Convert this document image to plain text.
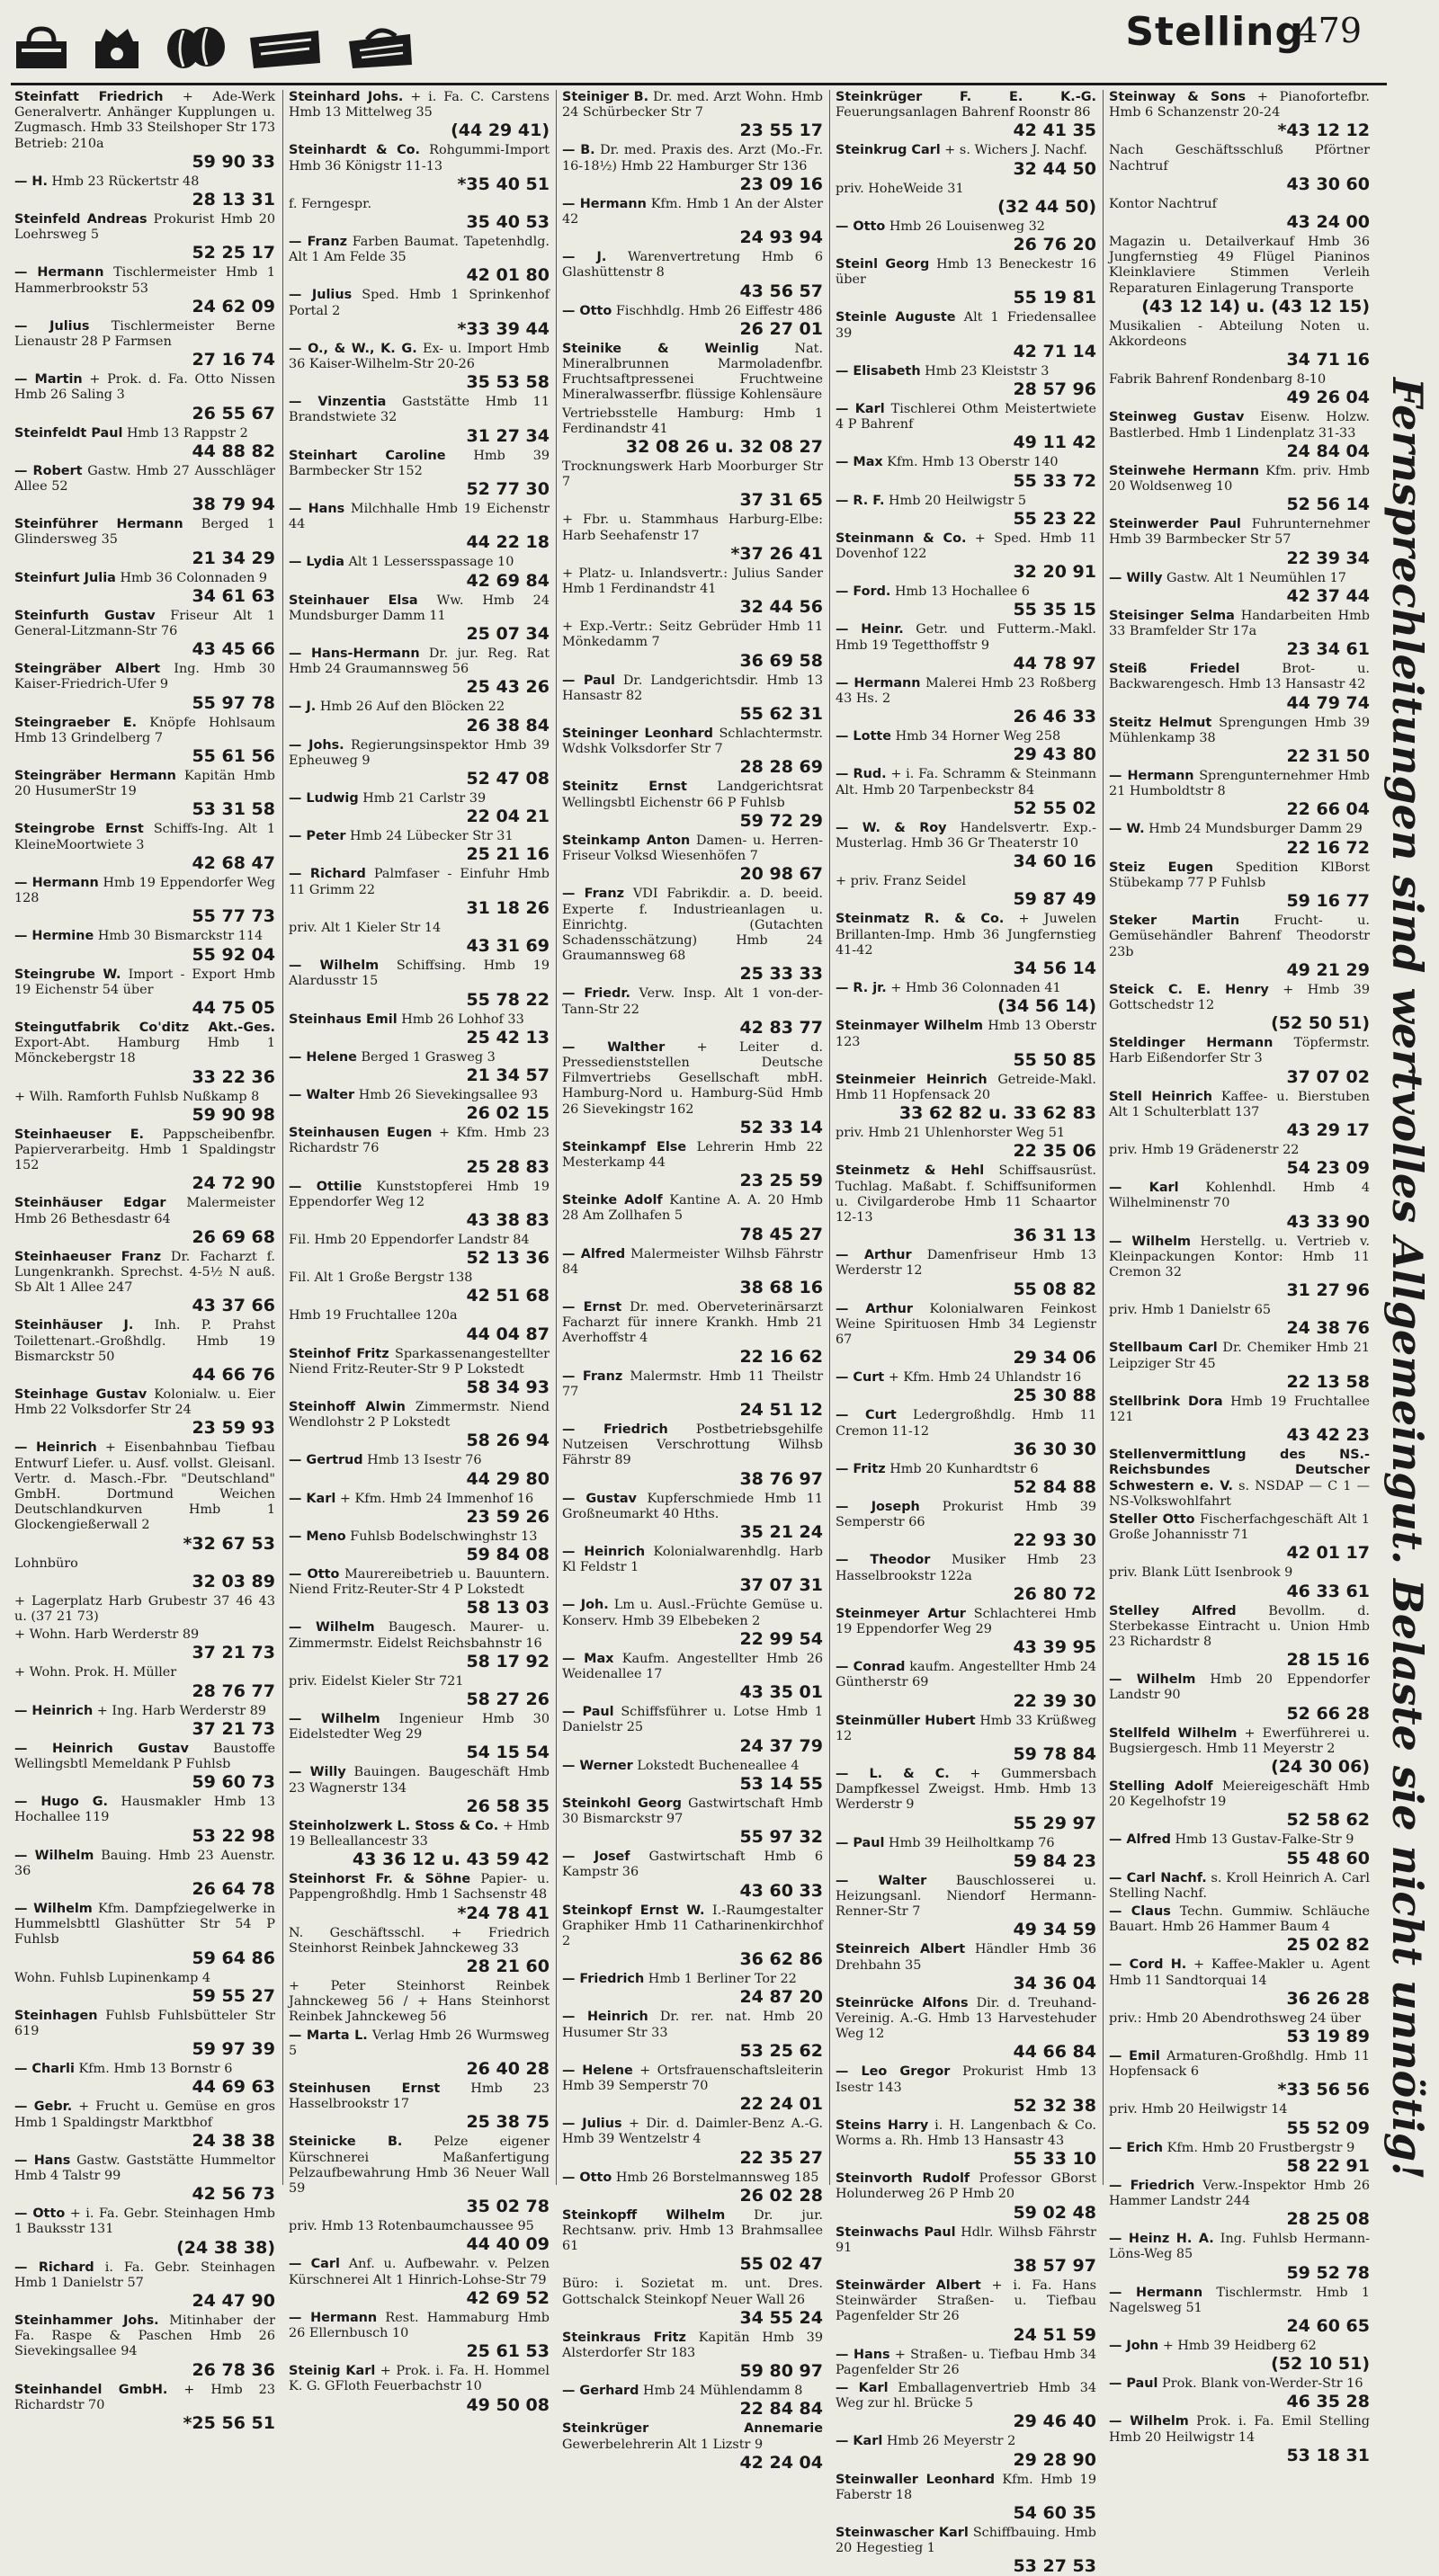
Stelling
479
Steinfatt Friedrich + Ade-Werk Generalvertr. Anhänger Kupplungen u. Zugmasch. Hmb 33 Steilshoper Str 173 Betrieb: 210a
59 90 33
— H. Hmb 23 Rückertstr 48
28 13 31
Steinfeld Andreas Prokurist Hmb 20 Loehrsweg 5
52 25 17
— Hermann Tischlermeister Hmb 1 Hammerbrookstr 53
24 62 09
— Julius Tischlermeister Berne Lienaustr 28 P Farmsen
27 16 74
— Martin + Prok. d. Fa. Otto Nissen Hmb 26 Saling 3
26 55 67
Steinfeldt Paul Hmb 13 Rappstr 2
44 88 82
— Robert Gastw. Hmb 27 Ausschläger Allee 52
38 79 94
Steinführer Hermann Berged 1 Glindersweg 35
21 34 29
Steinfurt Julia Hmb 36 Colonnaden 9
34 61 63
Steinfurth Gustav Friseur Alt 1 General-Litzmann-Str 76
43 45 66
Steingräber Albert Ing. Hmb 30 Kaiser-Friedrich-Ufer 9
55 97 78
Steingraeber E. Knöpfe Hohlsaum Hmb 13 Grindelberg 7
55 61 56
Steingräber Hermann Kapitän Hmb 20 HusumerStr 19
53 31 58
Steingrobe Ernst Schiffs-Ing. Alt 1 KleineMoortwiete 3
42 68 47
— Hermann Hmb 19 Eppendorfer Weg 128
55 77 73
— Hermine Hmb 30 Bismarckstr 114
55 92 04
Steingrube W. Import - Export Hmb 19 Eichenstr 54 über
44 75 05
Steingutfabrik Co'ditz Akt.-Ges. Export-Abt. Hamburg Hmb 1 Mönckebergstr 18
33 22 36
+ Wilh. Ramforth Fuhlsb Nußkamp 8
59 90 98
Steinhaeuser E. Pappscheibenfbr. Papierverarbeitg. Hmb 1 Spaldingstr 152
24 72 90
Steinhäuser Edgar Malermeister Hmb 26 Bethesdastr 64
26 69 68
Steinhaeuser Franz Dr. Facharzt f. Lungenkrankh. Sprechst. 4-5½ N auß. Sb Alt 1 Allee 247
43 37 66
Steinhäuser J. Inh. P. Prahst Toilettenart.-Großhdlg. Hmb 19 Bismarckstr 50
44 66 76
Steinhage Gustav Kolonialw. u. Eier Hmb 22 Volksdorfer Str 24
23 59 93
— Heinrich + Eisenbahnbau Tiefbau Entwurf Liefer. u. Ausf. vollst. Gleisanl. Vertr. d. Masch.-Fbr. "Deutschland" GmbH. Dortmund Weichen Deutschlandkurven Hmb 1 Glockengießerwall 2
*32 67 53
Lohnbüro
32 03 89
+ Lagerplatz Harb Grubestr 37 46 43 u. (37 21 73)
+ Wohn. Harb Werderstr 89
37 21 73
+ Wohn. Prok. H. Müller
28 76 77
— Heinrich + Ing. Harb Werderstr 89
37 21 73
— Heinrich Gustav Baustoffe Wellingsbtl Memeldank P Fuhlsb
59 60 73
— Hugo G. Hausmakler Hmb 13 Hochallee 119
53 22 98
— Wilhelm Bauing. Hmb 23 Auenstr. 36
26 64 78
— Wilhelm Kfm. Dampfziegelwerke in Hummelsbttl Glashütter Str 54 P Fuhlsb
59 64 86
Wohn. Fuhlsb Lupinenkamp 4
59 55 27
Steinhagen Fuhlsb Fuhlsbütteler Str 619
59 97 39
— Charli Kfm. Hmb 13 Bornstr 6
44 69 63
— Gebr. + Frucht u. Gemüse en gros Hmb 1 Spaldingstr Marktbhof
24 38 38
— Hans Gastw. Gaststätte Hummeltor Hmb 4 Talstr 99
42 56 73
— Otto + i. Fa. Gebr. Steinhagen Hmb 1 Bauksstr 131
(24 38 38)
— Richard i. Fa. Gebr. Steinhagen Hmb 1 Danielstr 57
24 47 90
Steinhammer Johs. Mitinhaber der Fa. Raspe & Paschen Hmb 26 Sievekingsallee 94
26 78 36
Steinhandel GmbH. + Hmb 23 Richardstr 70
*25 56 51
Steinhard Johs. + i. Fa. C. Carstens Hmb 13 Mittelweg 35
(44 29 41)
Steinhardt & Co. Rohgummi-Import Hmb 36 Königstr 11-13
*35 40 51
f. Ferngespr.
35 40 53
— Franz Farben Baumat. Tapetenhdlg. Alt 1 Am Felde 35
42 01 80
— Julius Sped. Hmb 1 Sprinkenhof Portal 2
*33 39 44
— O., & W., K. G. Ex- u. Import Hmb 36 Kaiser-Wilhelm-Str 20-26
35 53 58
— Vinzentia Gaststätte Hmb 11 Brandstwiete 32
31 27 34
Steinhart Caroline Hmb 39 Barmbecker Str 152
52 77 30
— Hans Milchhalle Hmb 19 Eichenstr 44
44 22 18
— Lydia Alt 1 Lessersspassage 10
42 69 84
Steinhauer Elsa Ww. Hmb 24 Mundsburger Damm 11
25 07 34
— Hans-Hermann Dr. jur. Reg. Rat Hmb 24 Graumannsweg 56
25 43 26
— J. Hmb 26 Auf den Blöcken 22
26 38 84
— Johs. Regierungsinspektor Hmb 39 Epheuweg 9
52 47 08
— Ludwig Hmb 21 Carlstr 39
22 04 21
— Peter Hmb 24 Lübecker Str 31
25 21 16
— Richard Palmfaser - Einfuhr Hmb 11 Grimm 22
31 18 26
priv. Alt 1 Kieler Str 14
43 31 69
— Wilhelm Schiffsing. Hmb 19 Alardusstr 15
55 78 22
Steinhaus Emil Hmb 26 Lohhof 33
25 42 13
— Helene Berged 1 Grasweg 3
21 34 57
— Walter Hmb 26 Sievekingsallee 93
26 02 15
Steinhausen Eugen + Kfm. Hmb 23 Richardstr 76
25 28 83
— Ottilie Kunststopferei Hmb 19 Eppendorfer Weg 12
43 38 83
Fil. Hmb 20 Eppendorfer Landstr 84
52 13 36
Fil. Alt 1 Große Bergstr 138
42 51 68
Hmb 19 Fruchtallee 120a
44 04 87
Steinhof Fritz Sparkassenangestellter Niend Fritz-Reuter-Str 9 P Lokstedt
58 34 93
Steinhoff Alwin Zimmermstr. Niend Wendlohstr 2 P Lokstedt
58 26 94
— Gertrud Hmb 13 Isestr 76
44 29 80
— Karl + Kfm. Hmb 24 Immenhof 16
23 59 26
— Meno Fuhlsb Bodelschwinghstr 13
59 84 08
— Otto Maurereibetrieb u. Bauuntern. Niend Fritz-Reuter-Str 4 P Lokstedt
58 13 03
— Wilhelm Baugesch. Maurer- u. Zimmermstr. Eidelst Reichsbahnstr 16
58 17 92
priv. Eidelst Kieler Str 721
58 27 26
— Wilhelm Ingenieur Hmb 30 Eidelstedter Weg 29
54 15 54
— Willy Bauingen. Baugeschäft Hmb 23 Wagnerstr 134
26 58 35
Steinholzwerk L. Stoss & Co. + Hmb 19 Belleallancestr 33
43 36 12 u. 43 59 42
Steinhorst Fr. & Söhne Papier- u. Pappengroßhdlg. Hmb 1 Sachsenstr 48
*24 78 41
N. Geschäftsschl. + Friedrich Steinhorst Reinbek Jahnckeweg 33
28 21 60
+ Peter Steinhorst Reinbek Jahnckeweg 56 / + Hans Steinhorst Reinbek Jahnckeweg 56
— Marta L. Verlag Hmb 26 Wurmsweg 5
26 40 28
Steinhusen Ernst Hmb 23 Hasselbrookstr 17
25 38 75
Steinicke B. Pelze eigener Kürschnerei Maßanfertigung Pelzaufbewahrung Hmb 36 Neuer Wall 59
35 02 78
priv. Hmb 13 Rotenbaumchaussee 95
44 40 09
— Carl Anf. u. Aufbewahr. v. Pelzen Kürschnerei Alt 1 Hinrich-Lohse-Str 79
42 69 52
— Hermann Rest. Hammaburg Hmb 26 Ellernbusch 10
25 61 53
Steinig Karl + Prok. i. Fa. H. Hommel K. G. GFloth Feuerbachstr 10
49 50 08
Steiniger B. Dr. med. Arzt Wohn. Hmb 24 Schürbecker Str 7
23 55 17
— B. Dr. med. Praxis des. Arzt (Mo.-Fr. 16-18½) Hmb 22 Hamburger Str 136
23 09 16
— Hermann Kfm. Hmb 1 An der Alster 42
24 93 94
— J. Warenvertretung Hmb 6 Glashüttenstr 8
43 56 57
— Otto Fischhdlg. Hmb 26 Eiffestr 486
26 27 01
Steinike & Weinlig	Nat. Mineralbrunnen Marmoladenfbr. Fruchtsaftpressenei Fruchtweine Mineralwasserfbr. flüssige Kohlensäure
Vertriebsstelle Hamburg: Hmb 1 Ferdinandstr 41
32 08 26 u. 32 08 27
Trocknungswerk Harb Moorburger Str 7
37 31 65
+ Fbr. u. Stammhaus Harburg-Elbe: Harb Seehafenstr 17
*37 26 41
+ Platz- u. Inlandsvertr.: Julius Sander Hmb 1 Ferdinandstr 41
32 44 56
+ Exp.-Vertr.: Seitz Gebrüder Hmb 11 Mönkedamm 7
36 69 58
— Paul Dr. Landgerichtsdir. Hmb 13 Hansastr 82
55 62 31
Steininger Leonhard Schlachtermstr. Wdshk Volksdorfer Str 7
28 28 69
Steinitz Ernst Landgerichtsrat Wellingsbtl Eichenstr 66 P Fuhlsb
59 72 29
Steinkamp Anton Damen- u. Herren-Friseur Volksd Wiesenhöfen 7
20 98 67
— Franz VDI Fabrikdir. a. D. beeid. Experte f. Industrieanlagen u. Einrichtg. (Gutachten Schadensschätzung) Hmb 24 Graumannsweg 68
25 33 33
— Friedr. Verw. Insp. Alt 1 von-der-Tann-Str 22
42 83 77
— Walther + Leiter d. Pressedienststellen Deutsche Filmvertriebs Gesellschaft mbH. Hamburg-Nord u. Hamburg-Süd Hmb 26 Sievekingstr 162
52 33 14
Steinkampf Else Lehrerin Hmb 22 Mesterkamp 44
23 25 59
Steinke Adolf Kantine A. A. 20 Hmb 28 Am Zollhafen 5
78 45 27
— Alfred Malermeister Wilhsb Fährstr 84
38 68 16
— Ernst Dr. med. Oberveterinärsarzt Facharzt für innere Krankh. Hmb 21 Averhoffstr 4
22 16 62
— Franz Malermstr. Hmb 11 Theilstr 77
24 51 12
— Friedrich Postbetriebsgehilfe Nutzeisen Verschrottung Wilhsb Fährstr 89
38 76 97
— Gustav Kupferschmiede Hmb 11 Großneumarkt 40 Hths.
35 21 24
— Heinrich Kolonialwarenhdlg. Harb Kl Feldstr 1
37 07 31
— Joh. Lm u. Ausl.-Früchte Gemüse u. Konserv. Hmb 39 Elbebeken 2
22 99 54
— Max Kaufm. Angestellter Hmb 26 Weidenallee 17
43 35 01
— Paul Schiffsführer u. Lotse Hmb 1 Danielstr 25
24 37 79
— Werner Lokstedt Bucheneallee 4
53 14 55
Steinkohl Georg Gastwirtschaft Hmb 30 Bismarckstr 97
55 97 32
— Josef Gastwirtschaft Hmb 6 Kampstr 36
43 60 33
Steinkopf Ernst W. I.-Raumgestalter Graphiker Hmb 11 Catharinenkirchhof 2
36 62 86
— Friedrich Hmb 1 Berliner Tor 22
24 87 20
— Heinrich Dr. rer. nat. Hmb 20 Husumer Str 33
53 25 62
— Helene + Ortsfrauenschaftsleiterin Hmb 39 Semperstr 70
22 24 01
— Julius + Dir. d. Daimler-Benz A.-G. Hmb 39 Wentzelstr 4
22 35 27
— Otto Hmb 26 Borstelmannsweg 185
26 02 28
Steinkopff Wilhelm Dr. jur. Rechtsanw. priv. Hmb 13 Brahmsallee 61
55 02 47
Büro: i. Sozietat m. unt. Dres. Gottschalck Steinkopf Neuer Wall 26
34 55 24
Steinkraus Fritz Kapitän Hmb 39 Alsterdorfer Str 183
59 80 97
— Gerhard Hmb 24 Mühlendamm 8
22 84 84
Steinkrüger Annemarie Gewerbelehrerin Alt 1 Lizstr 9
42 24 04
Steinkrüger F. E. K.-G. Feuerungsanlagen Bahrenf Roonstr 86
42 41 35
Steinkrug Carl + s. Wichers J. Nachf.
32 44 50
priv. HoheWeide 31
(32 44 50)
— Otto Hmb 26 Louisenweg 32
26 76 20
Steinl Georg Hmb 13 Beneckestr 16 über
55 19 81
Steinle Auguste Alt 1 Friedensallee 39
42 71 14
— Elisabeth Hmb 23 Kleiststr 3
28 57 96
— Karl Tischlerei Othm Meistertwiete 4 P Bahrenf
49 11 42
— Max Kfm. Hmb 13 Oberstr 140
55 33 72
— R. F. Hmb 20 Heilwigstr 5
55 23 22
Steinmann & Co. + Sped. Hmb 11 Dovenhof 122
32 20 91
— Ford. Hmb 13 Hochallee 6
55 35 15
— Heinr. Getr. und Futterm.-Makl. Hmb 19 Tegetthoffstr 9
44 78 97
— Hermann Malerei Hmb 23 Roßberg 43 Hs. 2
26 46 33
— Lotte Hmb 34 Horner Weg 258
29 43 80
— Rud. + i. Fa. Schramm & Steinmann Alt. Hmb 20 Tarpenbeckstr 84
52 55 02
— W. & Roy Handelsvertr. Exp.-Musterlag. Hmb 36 Gr Theaterstr 10
34 60 16
+ priv. Franz Seidel
59 87 49
Steinmatz R. & Co. + Juwelen Brillanten-Imp. Hmb 36 Jungfernstieg 41-42
34 56 14
— R. jr. + Hmb 36 Colonnaden 41
(34 56 14)
Steinmayer Wilhelm Hmb 13 Oberstr 123
55 50 85
Steinmeier Heinrich Getreide-Makl. Hmb 11 Hopfensack 20
33 62 82 u. 33 62 83
priv. Hmb 21 Uhlenhorster Weg 51
22 35 06
Steinmetz & Hehl Schiffsausrüst. Tuchlag. Maßabt. f. Schiffsuniformen u. Civilgarderobe Hmb 11 Schaartor 12-13
36 31 13
— Arthur Damenfriseur Hmb 13 Werderstr 12
55 08 82
— Arthur Kolonialwaren Feinkost Weine Spirituosen Hmb 34 Legienstr 67
29 34 06
— Curt + Kfm. Hmb 24 Uhlandstr 16
25 30 88
— Curt Ledergroßhdlg. Hmb 11 Cremon 11-12
36 30 30
— Fritz Hmb 20 Kunhardtstr 6
52 84 88
— Joseph Prokurist Hmb 39 Semperstr 66
22 93 30
— Theodor Musiker Hmb 23 Hasselbrookstr 122a
26 80 72
Steinmeyer Artur Schlachterei Hmb 19 Eppendorfer Weg 29
43 39 95
— Conrad kaufm. Angestellter Hmb 24 Güntherstr 69
22 39 30
Steinmüller Hubert Hmb 33 Krüßweg 12
59 78 84
— L. & C. + Gummersbach Dampfkessel Zweigst. Hmb. Hmb 13 Werderstr 9
55 29 97
— Paul Hmb 39 Heilholtkamp 76
59 84 23
— Walter Bauschlosserei u. Heizungsanl. Niendorf Hermann-Renner-Str 7
49 34 59
Steinreich Albert Händler Hmb 36 Drehbahn 35
34 36 04
Steinrücke Alfons Dir. d. Treuhand-Vereinig. A.-G. Hmb 13 Harvestehuder Weg 12
44 66 84
— Leo Gregor Prokurist Hmb 13 Isestr 143
52 32 38
Steins Harry i. H. Langenbach & Co. Worms a. Rh. Hmb 13 Hansastr 43
55 33 10
Steinvorth Rudolf Professor GBorst Holunderweg 26 P Hmb 20
59 02 48
Steinwachs Paul Hdlr. Wilhsb Fährstr 91
38 57 97
Steinwärder Albert + i. Fa. Hans Steinwärder Straßen- u. Tiefbau Pagenfelder Str 26
24 51 59
— Hans + Straßen- u. Tiefbau Hmb 34 Pagenfelder Str 26
— Karl Emballagenvertrieb Hmb 34 Weg zur hl. Brücke 5
29 46 40
— Karl Hmb 26 Meyerstr 2
29 28 90
Steinwaller Leonhard Kfm. Hmb 19 Faberstr 18
54 60 35
Steinwascher Karl Schiffbauing. Hmb 20 Hegestieg 1
53 27 53
Steinway & Sons + Pianofortefbr. Hmb 6 Schanzenstr 20-24
*43 12 12
Nach Geschäftsschluß Pförtner Nachtruf
43 30 60
Kontor Nachtruf
43 24 00
Magazin u. Detailverkauf Hmb 36 Jungfernstieg 49 Flügel Pianinos Kleinklaviere Stimmen Verleih Reparaturen Einlagerung Transporte
(43 12 14) u. (43 12 15)
Musikalien - Abteilung Noten u. Akkordeons
34 71 16
Fabrik Bahrenf Rondenbarg 8-10
49 26 04
Steinweg Gustav Eisenw. Holzw. Bastlerbed. Hmb 1 Lindenplatz 31-33
24 84 04
Steinwehe Hermann Kfm. priv. Hmb 20 Woldsenweg 10
52 56 14
Steinwerder Paul Fuhrunternehmer Hmb 39 Barmbecker Str 57
22 39 34
— Willy Gastw. Alt 1 Neumühlen 17
42 37 44
Steisinger Selma Handarbeiten Hmb 33 Bramfelder Str 17a
23 34 61
Steiß Friedel	Brot- u. Backwarengesch. Hmb 13 Hansastr 42
44 79 74
Steitz Helmut Sprengungen Hmb 39 Mühlenkamp 38
22 31 50
— Hermann Sprengunternehmer Hmb 21 Humboldtstr 8
22 66 04
— W. Hmb 24 Mundsburger Damm 29
22 16 72
Steiz Eugen Spedition KlBorst Stübekamp 77 P Fuhlsb
59 16 77
Steker Martin	Frucht- u. Gemüsehändler Bahrenf Theodorstr 23b
49 21 29
Steick C. E. Henry + Hmb 39 Gottschedstr 12
(52 50 51)
Steldinger Hermann Töpfermstr. Harb Eißendorfer Str 3
37 07 02
Stell Heinrich Kaffee- u. Bierstuben Alt 1 Schulterblatt 137
43 29 17
priv. Hmb 19 Grädenerstr 22
54 23 09
— Karl Kohlenhdl. Hmb 4 Wilhelminenstr 70
43 33 90
— Wilhelm Herstellg. u. Vertrieb v. Kleinpackungen Kontor: Hmb 11 Cremon 32
31 27 96
priv. Hmb 1 Danielstr 65
24 38 76
Stellbaum Carl Dr. Chemiker Hmb 21 Leipziger Str 45
22 13 58
Stellbrink Dora Hmb 19 Fruchtallee 121
43 42 23
Stellenvermittlung des NS.-Reichsbundes Deutscher Schwestern e. V. s. NSDAP — C 1 — NS-Volkswohlfahrt
Steller Otto Fischerfachgeschäft Alt 1 Große Johannisstr 71
42 01 17
priv. Blank Lütt Isenbrook 9
46 33 61
Stelley Alfred Bevollm. d. Sterbekasse Eintracht u. Union Hmb 23 Richardstr 8
28 15 16
— Wilhelm Hmb 20 Eppendorfer Landstr 90
52 66 28
Stellfeld Wilhelm + Ewerführerei u. Bugsiergesch. Hmb 11 Meyerstr 2
(24 30 06)
Stelling Adolf Meiereigeschäft Hmb 20 Kegelhofstr 19
52 58 62
— Alfred Hmb 13 Gustav-Falke-Str 9
55 48 60
— Carl Nachf. s. Kroll Heinrich A. Carl Stelling Nachf.
— Claus Techn. Gummiw. Schläuche Bauart. Hmb 26 Hammer Baum 4
25 02 82
— Cord H. + Kaffee-Makler u. Agent Hmb 11 Sandtorquai 14
36 26 28
priv.: Hmb 20 Abendrothsweg 24 über
53 19 89
— Emil Armaturen-Großhdlg. Hmb 11 Hopfensack 6
*33 56 56
priv. Hmb 20 Heilwigstr 14
55 52 09
— Erich Kfm. Hmb 20 Frustbergstr 9
58 22 91
— Friedrich Verw.-Inspektor Hmb 26 Hammer Landstr 244
28 25 08
— Heinz H. A. Ing. Fuhlsb Hermann-Löns-Weg 85
59 52 78
— Hermann Tischlermstr. Hmb 1 Nagelsweg 51
24 60 65
— John + Hmb 39 Heidberg 62
(52 10 51)
— Paul Prok. Blank von-Werder-Str 16
46 35 28
— Wilhelm Prok. i. Fa. Emil Stelling Hmb 20 Heilwigstr 14
53 18 31
Fernsprechleitungen sind wertvolles Allgemeingut. Belaste sie nicht unnötig!
